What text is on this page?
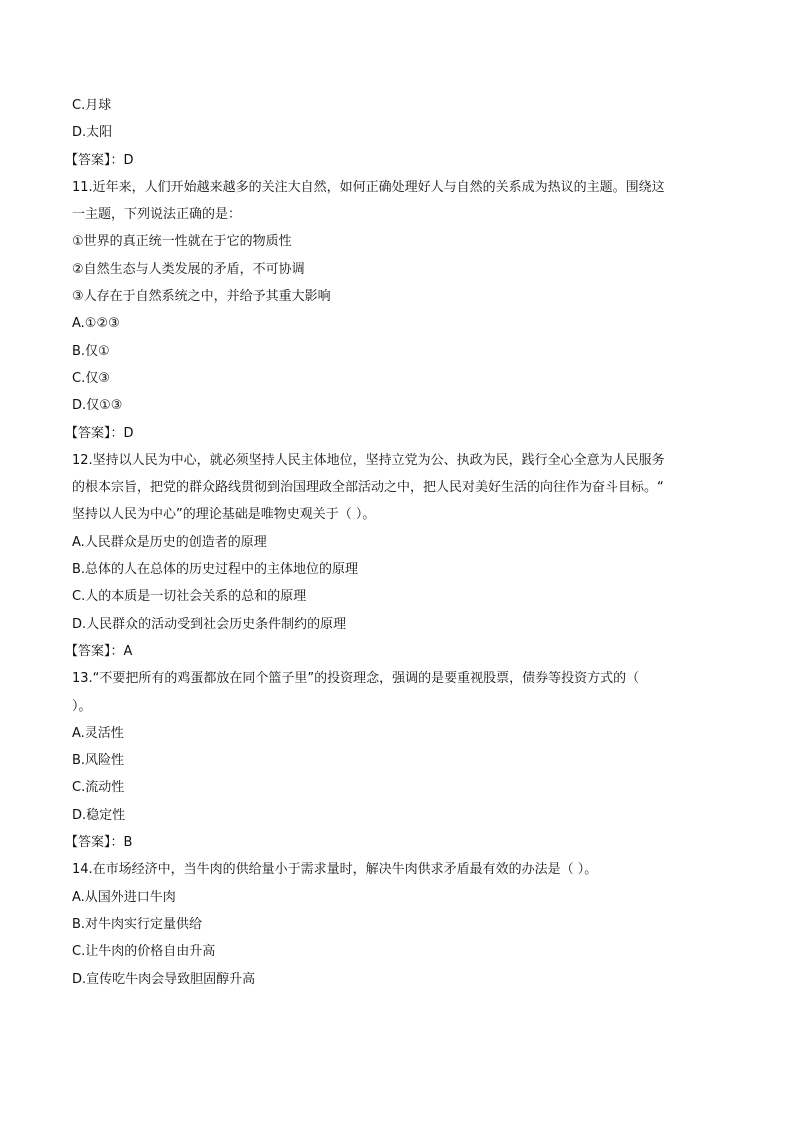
C.月球
D.太阳
【答案】：D
11.近年来，人们开始越来越多的关注大自然，如何正确处理好人与自然的关系成为热议的主题。围绕这
一主题，下列说法正确的是：
①世界的真正统一性就在于它的物质性
②自然生态与人类发展的矛盾，不可协调
③人存在于自然系统之中，并给予其重大影响
A.①②③
B.仅①
C.仅③
D.仅①③
【答案】：D
12.坚持以人民为中心，就必须坚持人民主体地位，坚持立党为公、执政为民，践行全心全意为人民服务
的根本宗旨，把党的群众路线贯彻到治国理政全部活动之中，把人民对美好生活的向往作为奋斗目标。“
坚持以人民为中心”的理论基础是唯物史观关于（ ）。
A.人民群众是历史的创造者的原理
B.总体的人在总体的历史过程中的主体地位的原理
C.人的本质是一切社会关系的总和的原理
D.人民群众的活动受到社会历史条件制约的原理
【答案】：A
13.“不要把所有的鸡蛋都放在同个篮子里”的投资理念，强调的是要重视股票，债券等投资方式的（
）。
A.灵活性
B.风险性
C.流动性
D.稳定性
【答案】：B
14.在市场经济中，当牛肉的供给量小于需求量时，解决牛肉供求矛盾最有效的办法是（ ）。
A.从国外进口牛肉
B.对牛肉实行定量供给
C.让牛肉的价格自由升高
D.宣传吃牛肉会导致胆固醇升高
